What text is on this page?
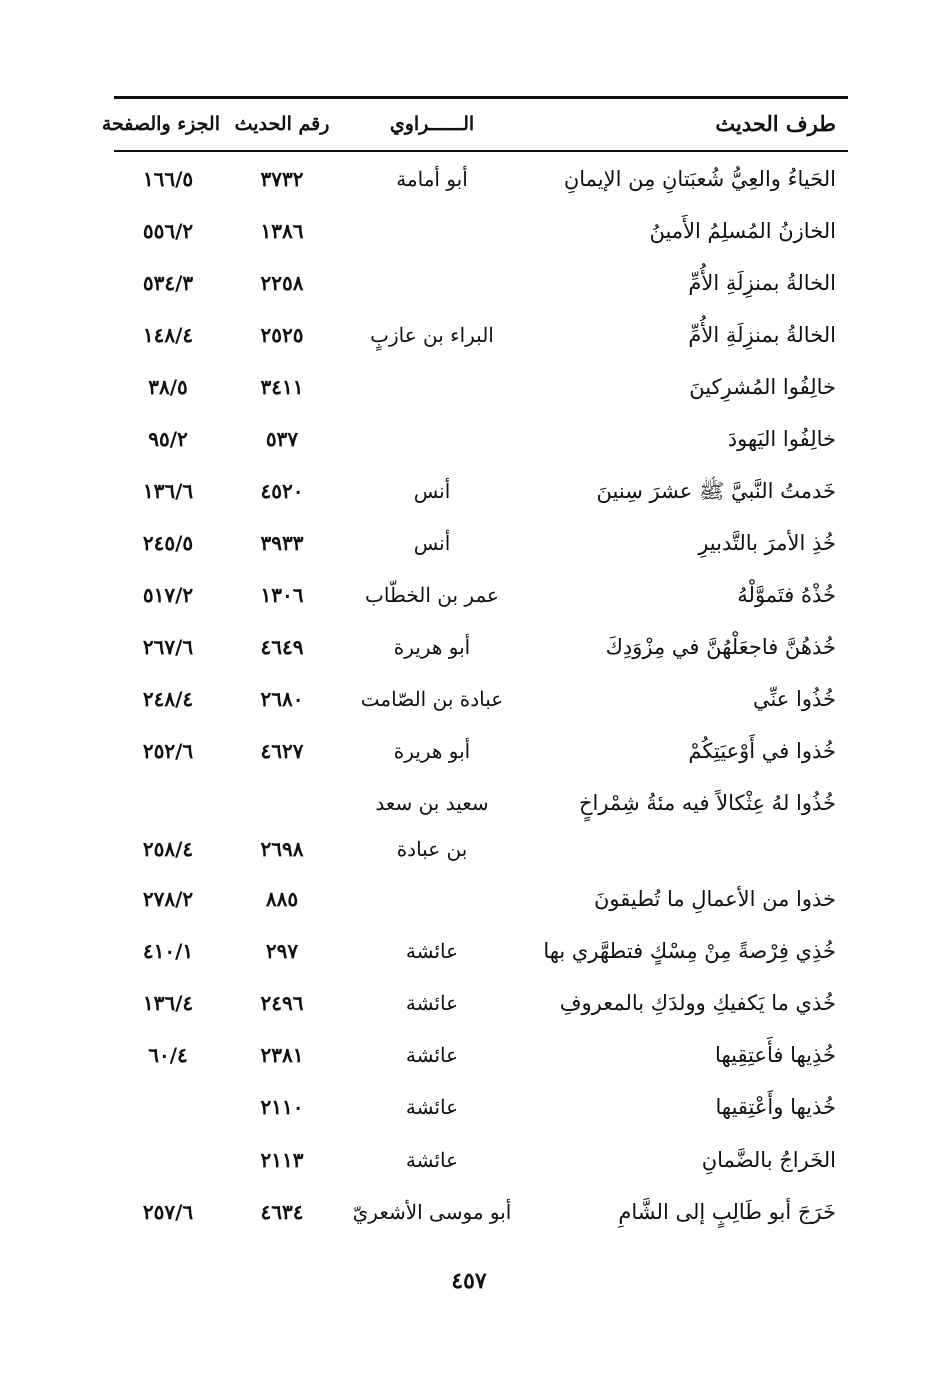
طرف الحديث
الــــــراوي
رقم الحديث
الجزء والصفحة
الحَياءُ والعِيُّ شُعبَتانِ مِن الإيمانِ
أبو أمامة
٣٧٣٢
١٦٦/٥
الخازنُ المُسلِمُ الأَمينُ
١٣٨٦
٥٥٦/٢
الخالةُ بمنزِلَةِ الأُمِّ
٢٢٥٨
٥٣٤/٣
الخالةُ بمنزِلَةِ الأُمِّ
البراء بن عازبٍ
٢٥٢٥
١٤٨/٤
خالِفُوا المُشرِكينَ
٣٤١١
٣٨/٥
خالِفُوا اليَهودَ
٥٣٧
٩٥/٢
خَدمتُ النَّبيَّ ﷺ عشرَ سِنينَ
أنس
٤٥٢٠
١٣٦/٦
خُذِ الأمرَ بالتَّدبيرِ
أنس
٣٩٣٣
٢٤٥/٥
خُذْهُ فتَموَّلْهُ
عمر بن الخطّاب
١٣٠٦
٥١٧/٢
خُذهُنَّ فاجعَلْهُنَّ في مِزْوَدِكَ
أبو هريرة
٤٦٤٩
٢٦٧/٦
خُذُوا عنِّي
عبادة بن الصّامت
٢٦٨٠
٢٤٨/٤
خُذوا في أَوْعيَتِكُمْ
أبو هريرة
٤٦٢٧
٢٥٢/٦
خُذُوا لهُ عِثْكالاً فيه مئةُ شِمْراخٍ
سعيد بن سعد
بن عبادة
٢٦٩٨
٢٥٨/٤
خذوا من الأعمالِ ما تُطيقونَ
٨٨٥
٢٧٨/٢
خُذِي فِرْصةً مِنْ مِسْكٍ فتطهَّري بها
عائشة
٢٩٧
٤١٠/١
خُذي ما يَكفيكِ وولدَكِ بالمعروفِ
عائشة
٢٤٩٦
١٣٦/٤
خُذِيها فأَعتِقِيها
عائشة
٢٣٨١
٦٠/٤
خُذيها وأَعْتِقيها
عائشة
٢١١٠
الخَراجُ بالضَّمانِ
عائشة
٢١١٣
خَرَجَ أبو طَالِبٍ إلى الشَّامِ
أبو موسى الأشعريّ
٤٦٣٤
٢٥٧/٦
٤٥٧
